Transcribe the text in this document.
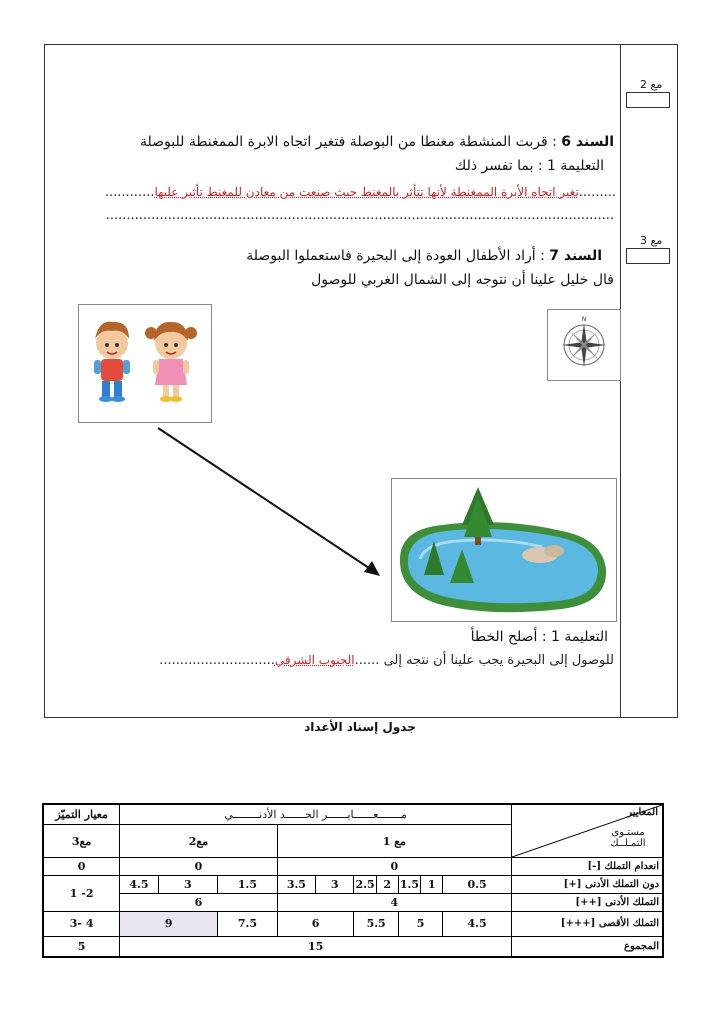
مع 2
مع 3
السند 6 : قربت المنشطة مغنطا من البوصلة فتغير اتجاه الابرة الممغنطة للبوصلة
التعليمة 1 : بما تفسر ذلك
.........تغير اتجاه الأبرة الممغنطة لأنها تتأثر بالمغنط حيث صنعت من معادن للمغنط تأثير عليها............
...........................................................................................................................
السند 7 : أراد الأطفال العودة إلى البحيرة فاستعملوا البوصلة
فال خليل علينا أن نتوجه إلى الشمال الغربي للوصول
N
التعليمة 1 : أصلح الخطأ
للوصول إلى البحيرة يجب علينا أن نتجه إلى ......الجنوب الشرقي............................
جدول إسناد الأعداد
معيار التميّز	مـــــــعــــــايــــــر الحــــــد الأدنــــــــي										المعايير
مستـوى التمـلــك

مع3	مع2			مع 1							
0	0			0							انعدام التملك [-]
1 -2	4.5	3	1.5	3.5	3	2.5	2	1.5	1	0.5	دون التملك الأدنى [+]
	6			4							التملك الأدنى [++]
3- 4	9		7.5	6		5.5		5		4.5	التملك الأقصى [+++]
5	15										المجموع
